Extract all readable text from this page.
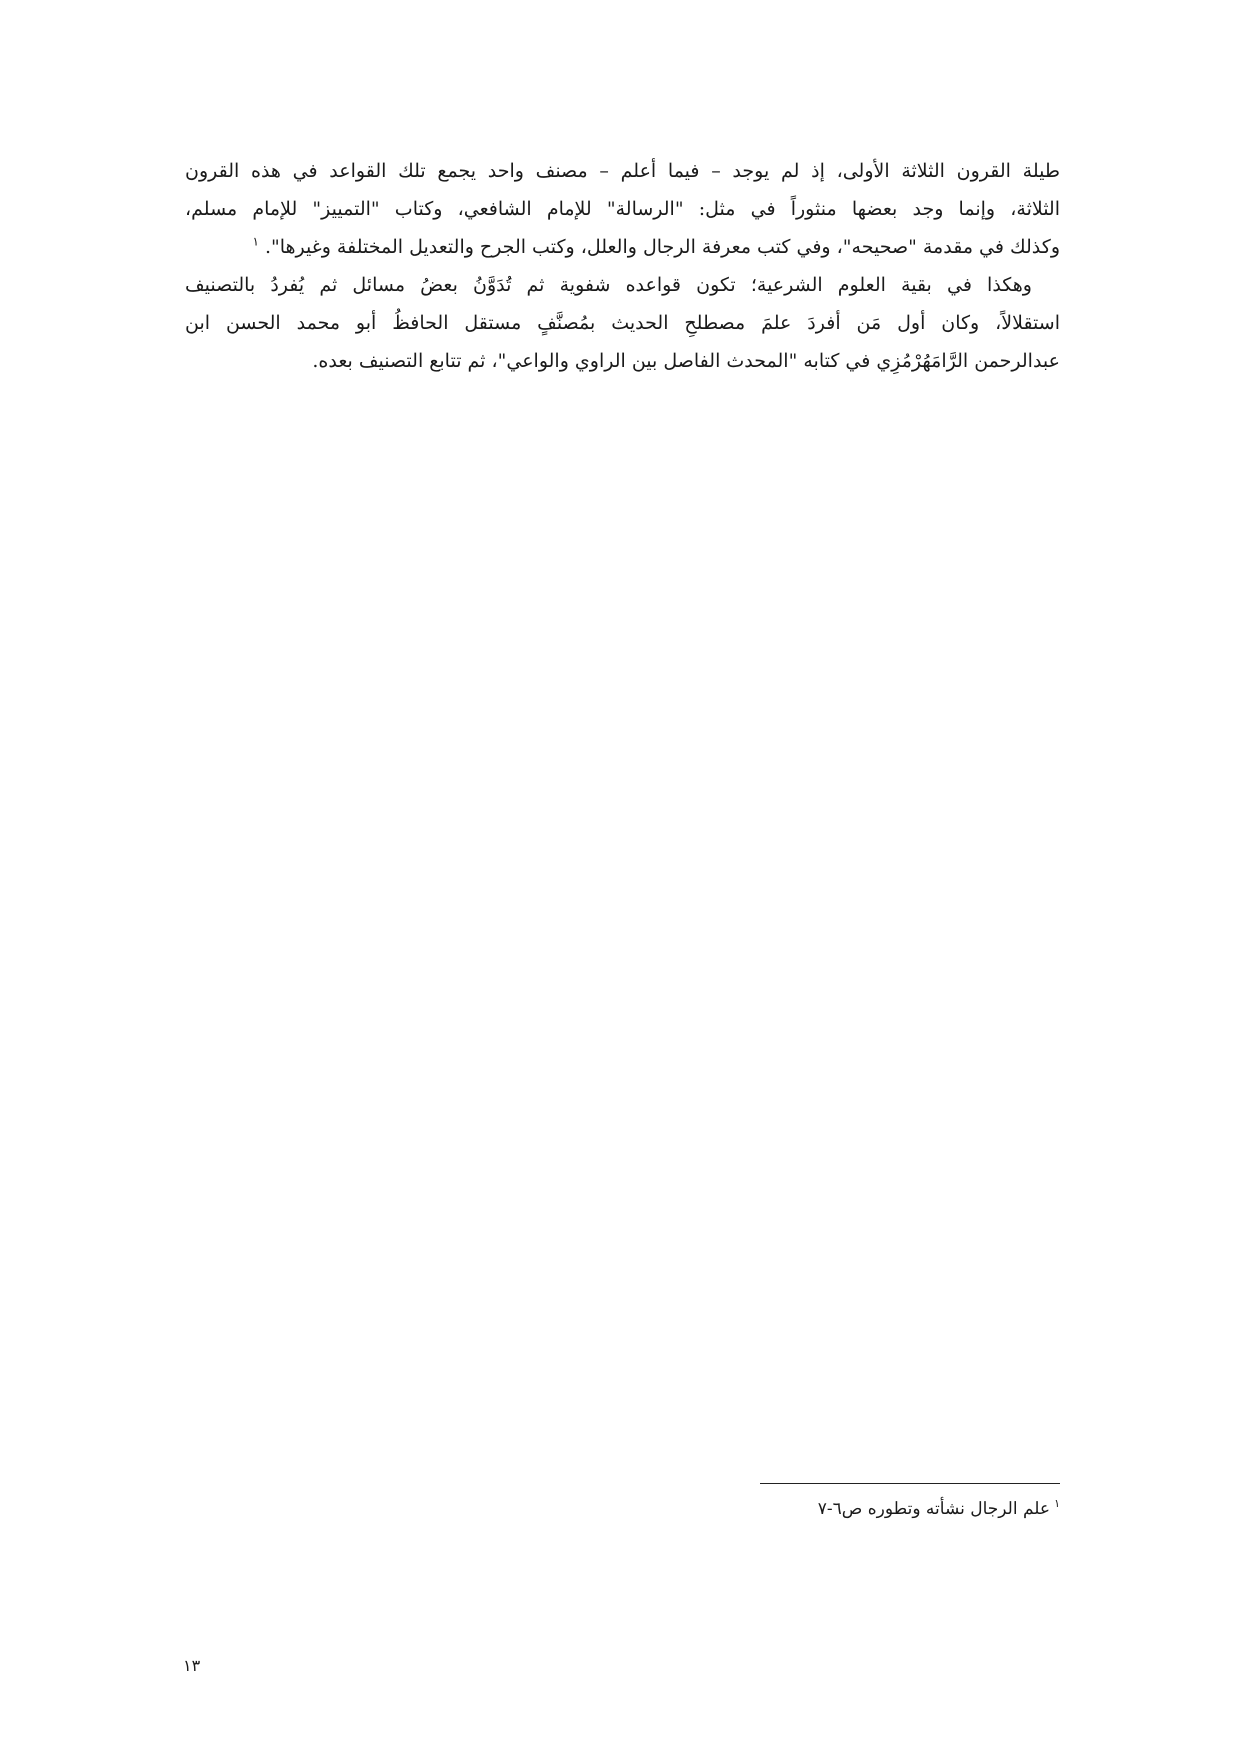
طيلة القرون الثلاثة الأولى، إذ لم يوجد – فيما أعلم – مصنف واحد يجمع تلك القواعد في هذه القرون
الثلاثة، وإنما وجد بعضها منثوراً في مثل: "الرسالة" للإمام الشافعي، وكتاب "التمييز" للإمام مسلم،
وكذلك في مقدمة "صحيحه"، وفي كتب معرفة الرجال والعلل، وكتب الجرح والتعديل المختلفة وغيرها". $^١$
وهكذا في بقية العلوم الشرعية؛ تكون قواعده شفوية ثم تُدَوَّنُ بعضُ مسائل ثم يُفردُ بالتصنيف
استقلالاً، وكان أول مَن أفردَ علمَ مصطلحِ الحديث بمُصنَّفٍ مستقل الحافظُ أبو محمد الحسن ابن
عبدالرحمن الرَّامَهُرْمُزِي في كتابه "المحدث الفاصل بين الراوي والواعي"، ثم تتابع التصنيف بعده.
$^١$علم الرجال نشأته وتطوره ص٦-٧
١٣
